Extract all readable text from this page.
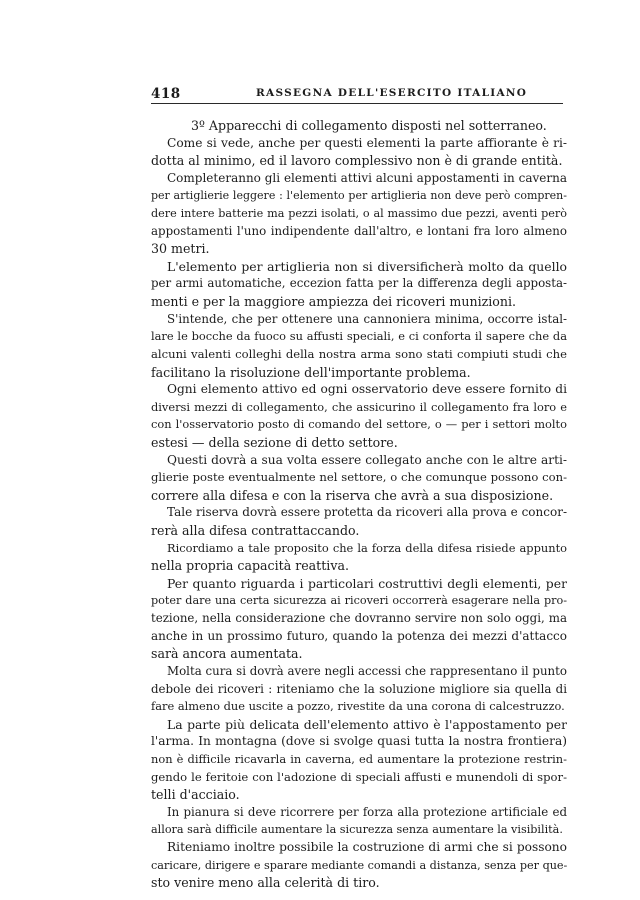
418	RASSEGNA DELL'ESERCITO ITALIANO
3º Apparecchi di collegamento disposti nel sotterraneo.
Come si vede, anche per questi elementi la parte affiorante è ri-
dotta al minimo, ed il lavoro complessivo non è di grande entità.
Completeranno gli elementi attivi alcuni appostamenti in caverna
per artiglierie leggere : l'elemento per artiglieria non deve però compren-
dere intere batterie ma pezzi isolati, o al massimo due pezzi, aventi però
appostamenti l'uno indipendente dall'altro, e lontani fra loro almeno
30 metri.
L'elemento per artiglieria non si diversificherà molto da quello
per armi automatiche, eccezion fatta per la differenza degli apposta-
menti e per la maggiore ampiezza dei ricoveri munizioni.
S'intende, che per ottenere una cannoniera minima, occorre istal-
lare le bocche da fuoco su affusti speciali, e ci conforta il sapere che da
alcuni valenti colleghi della nostra arma sono stati compiuti studi che
facilitano la risoluzione dell'importante problema.
Ogni elemento attivo ed ogni osservatorio deve essere fornito di
diversi mezzi di collegamento, che assicurino il collegamento fra loro e
con l'osservatorio posto di comando del settore, o — per i settori molto
estesi — della sezione di detto settore.
Questi dovrà a sua volta essere collegato anche con le altre arti-
glierie poste eventualmente nel settore, o che comunque possono con-
correre alla difesa e con la riserva che avrà a sua disposizione.
Tale riserva dovrà essere protetta da ricoveri alla prova e concor-
rerà alla difesa contrattaccando.
Ricordiamo a tale proposito che la forza della difesa risiede appunto
nella propria capacità reattiva.
Per quanto riguarda i particolari costruttivi degli elementi, per
poter dare una certa sicurezza ai ricoveri occorrerà esagerare nella pro-
tezione, nella considerazione che dovranno servire non solo oggi, ma
anche in un prossimo futuro, quando la potenza dei mezzi d'attacco
sarà ancora aumentata.
Molta cura si dovrà avere negli accessi che rappresentano il punto
debole dei ricoveri : riteniamo che la soluzione migliore sia quella di
fare almeno due uscite a pozzo, rivestite da una corona di calcestruzzo.
La parte più delicata dell'elemento attivo è l'appostamento per
l'arma. In montagna (dove si svolge quasi tutta la nostra frontiera)
non è difficile ricavarla in caverna, ed aumentare la protezione restrin-
gendo le feritoie con l'adozione di speciali affusti e munendoli di spor-
telli d'acciaio.
In pianura si deve ricorrere per forza alla protezione artificiale ed
allora sarà difficile aumentare la sicurezza senza aumentare la visibilità.
Riteniamo inoltre possibile la costruzione di armi che si possono
caricare, dirigere e sparare mediante comandi a distanza, senza per que-
sto venire meno alla celerità di tiro.
